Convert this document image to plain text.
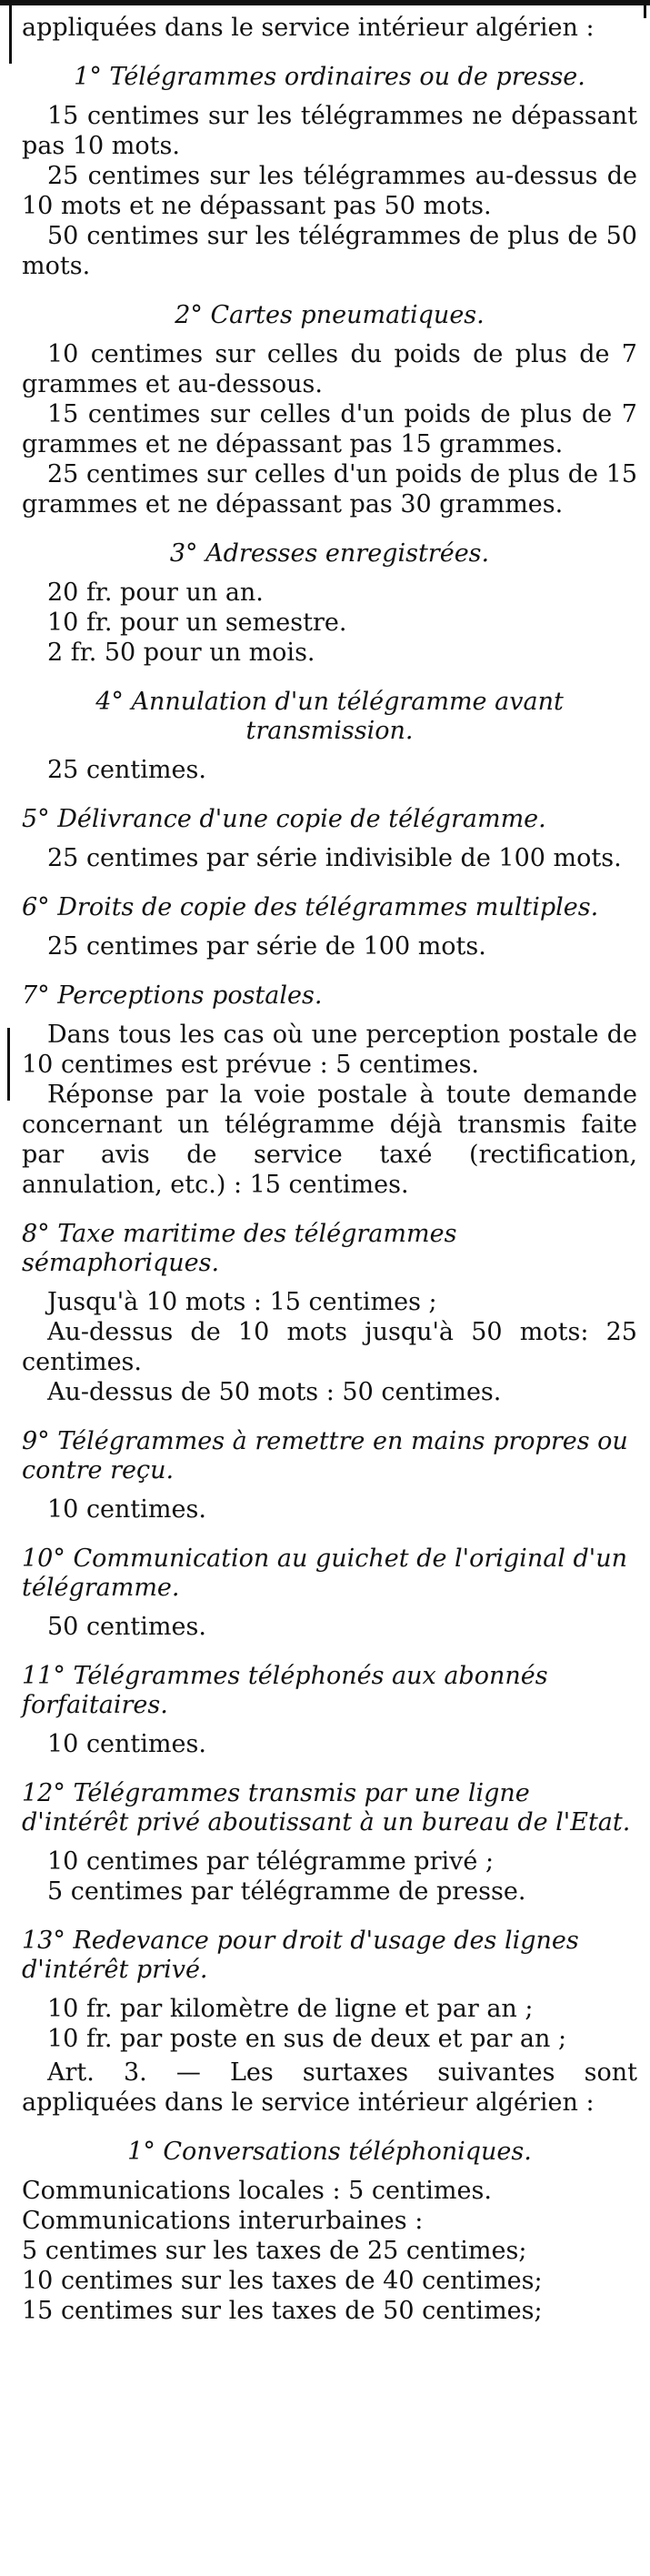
appliquées dans le service intérieur algérien :

1° Télégrammes ordinaires ou de presse.

15 centimes sur les télégrammes ne dépassant pas 10 mots.

25 centimes sur les télégrammes au-dessus de 10 mots et ne dépassant pas 50 mots.

50 centimes sur les télégrammes de plus de 50 mots.

2° Cartes pneumatiques.

10 centimes sur celles du poids de plus de 7 grammes et au-dessous.

15 centimes sur celles d'un poids de plus de 7 grammes et ne dépassant pas 15 grammes.

25 centimes sur celles d'un poids de plus de 15 grammes et ne dépassant pas 30 grammes.

3° Adresses enregistrées.
20 fr. pour un an.
10 fr. pour un semestre.
2 fr. 50 pour un mois.
4° Annulation d'un télégramme avant transmission.
25 centimes.
5° Délivrance d'une copie de télégramme.

25 centimes par série indivisible de 100 mots.

6° Droits de copie des télégrammes multiples.
25 centimes par série de 100 mots.
7° Perceptions postales.

Dans tous les cas où une perception postale de 10 centimes est prévue : 5 centimes.

Réponse par la voie postale à toute demande concernant un télégramme déjà transmis faite par avis de service taxé (rectification, annulation, etc.) : 15 centimes.

8° Taxe maritime des télégrammes sémaphoriques.

Jusqu'à 10 mots : 15 centimes ;

Au-dessus de 10 mots jusqu'à 50 mots: 25 centimes.

Au-dessus de 50 mots : 50 centimes.

9° Télégrammes à remettre en mains propres ou contre reçu.
10 centimes.
10° Communication au guichet de l'original d'un télégramme.
50 centimes.
11° Télégrammes téléphonés aux abonnés forfaitaires.
10 centimes.
12° Télégrammes transmis par une ligne d'intérêt privé aboutissant à un bureau de l'Etat.
10 centimes par télégramme privé ;
5 centimes par télégramme de presse.
13° Redevance pour droit d'usage des lignes d'intérêt privé.
10 fr. par kilomètre de ligne et par an ;
10 fr. par poste en sus de deux et par an ;

Art. 3. — Les surtaxes suivantes sont appliquées dans le service intérieur algérien :

1° Conversations téléphoniques.
Communications locales : 5 centimes.
Communications interurbaines :
5 centimes sur les taxes de 25 centimes;
10 centimes sur les taxes de 40 centimes;
15 centimes sur les taxes de 50 centimes;
